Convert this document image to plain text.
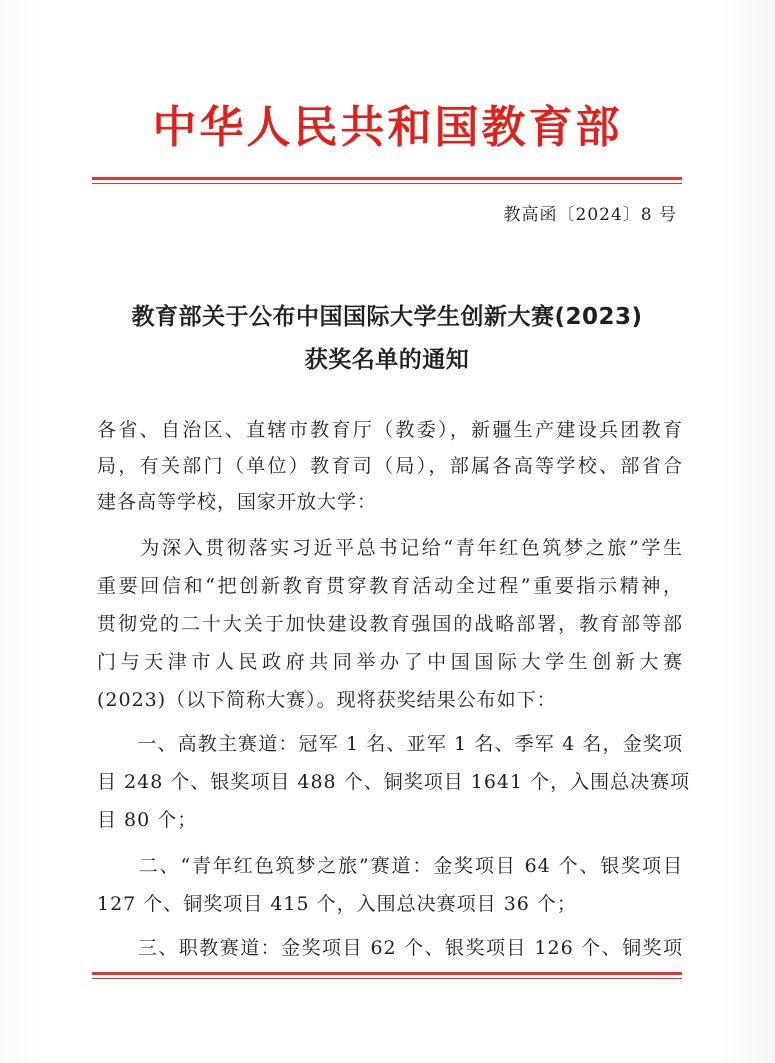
中华人民共和国教育部
教高函〔2024〕8 号
教育部关于公布中国国际大学生创新大赛(2023)
获奖名单的通知
各省、自治区、直辖市教育厅（教委），新疆生产建设兵团教育
局，有关部门（单位）教育司（局），部属各高等学校、部省合
建各高等学校，国家开放大学：
　　为深入贯彻落实习近平总书记给“青年红色筑梦之旅”学生
重要回信和“把创新教育贯穿教育活动全过程”重要指示精神，
贯彻党的二十大关于加快建设教育强国的战略部署，教育部等部
门与天津市人民政府共同举办了中国国际大学生创新大赛
(2023)（以下简称大赛）。现将获奖结果公布如下：
　　一、高教主赛道：冠军 1 名、亚军 1 名、季军 4 名，金奖项
目 248 个、银奖项目 488 个、铜奖项目 1641 个，入围总决赛项
目 80 个；
　　二、“青年红色筑梦之旅”赛道：金奖项目 64 个、银奖项目
127 个、铜奖项目 415 个，入围总决赛项目 36 个；
　　三、职教赛道：金奖项目 62 个、银奖项目 126 个、铜奖项
